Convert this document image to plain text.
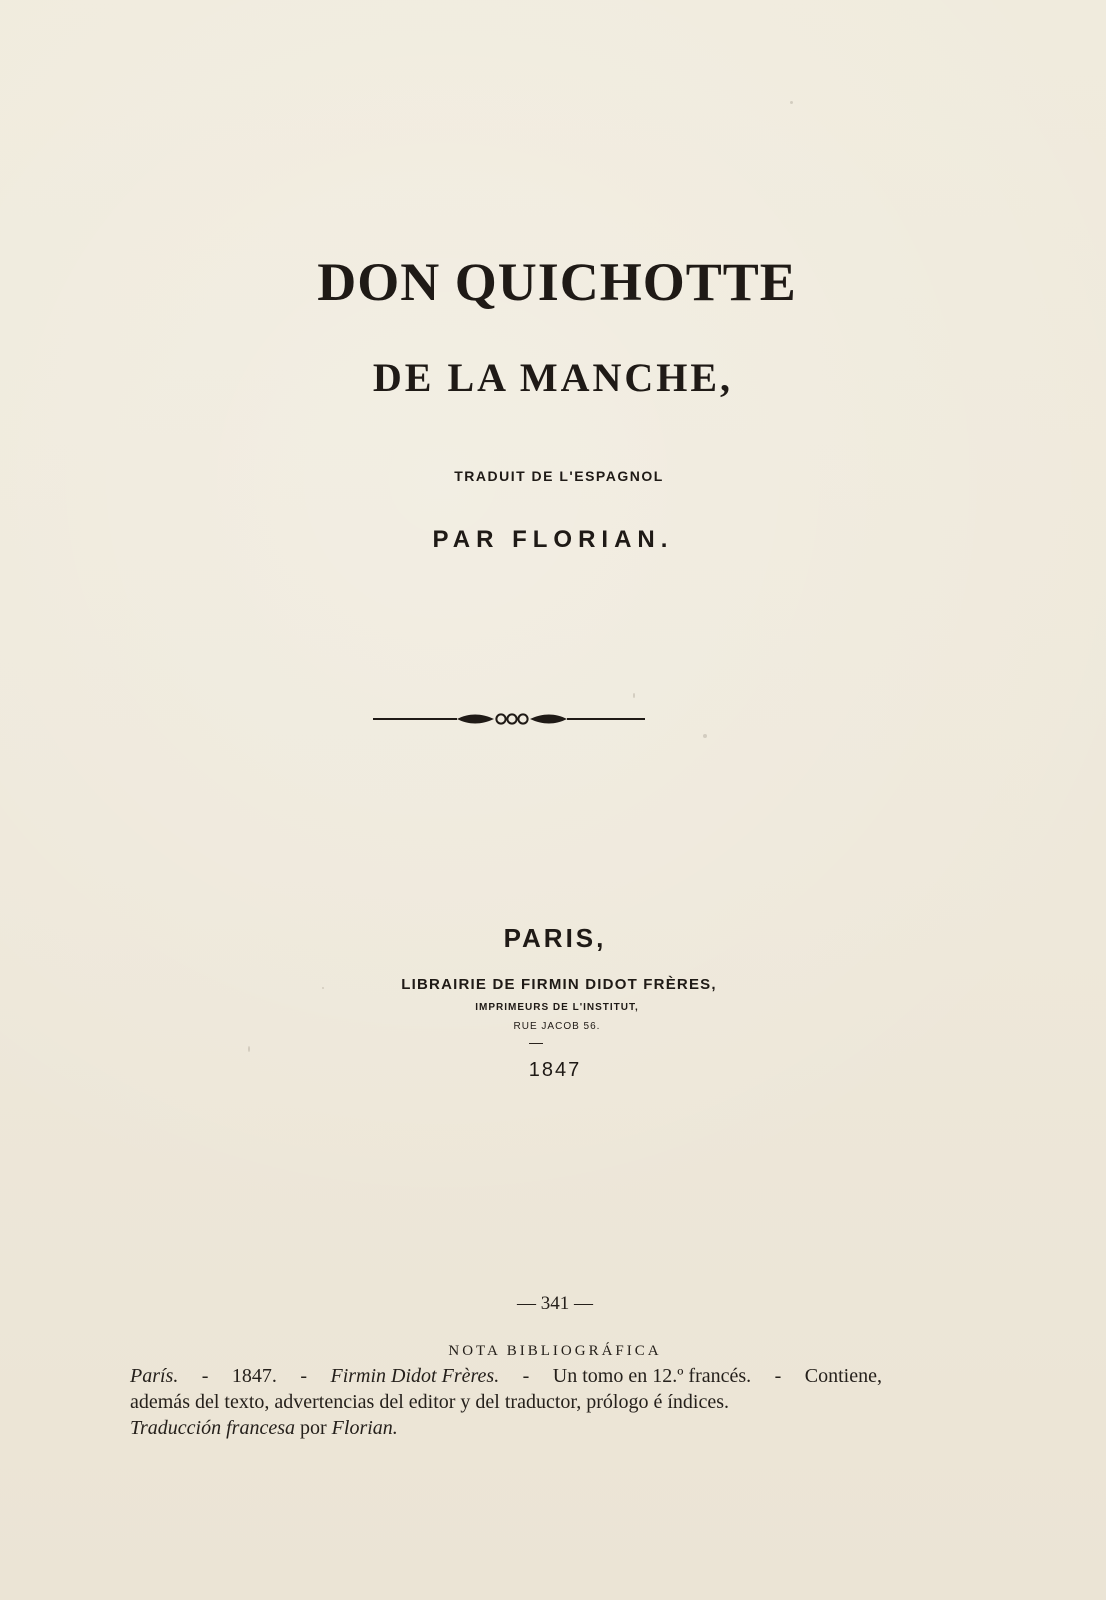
DON QUICHOTTE
DE LA MANCHE,
TRADUIT DE L'ESPAGNOL
PAR FLORIAN.
PARIS,
LIBRAIRIE DE FIRMIN DIDOT FRÈRES,
IMPRIMEURS DE L'INSTITUT,
RUE JACOB 56.
1847
— 341 —
NOTA BIBLIOGRÁFICA
París. - 1847. - Firmin Didot Frères. - Un tomo en 12.º francés. - Contiene,
además del texto, advertencias del editor y del traductor, prólogo é índices.
Traducción francesa por Florian.
